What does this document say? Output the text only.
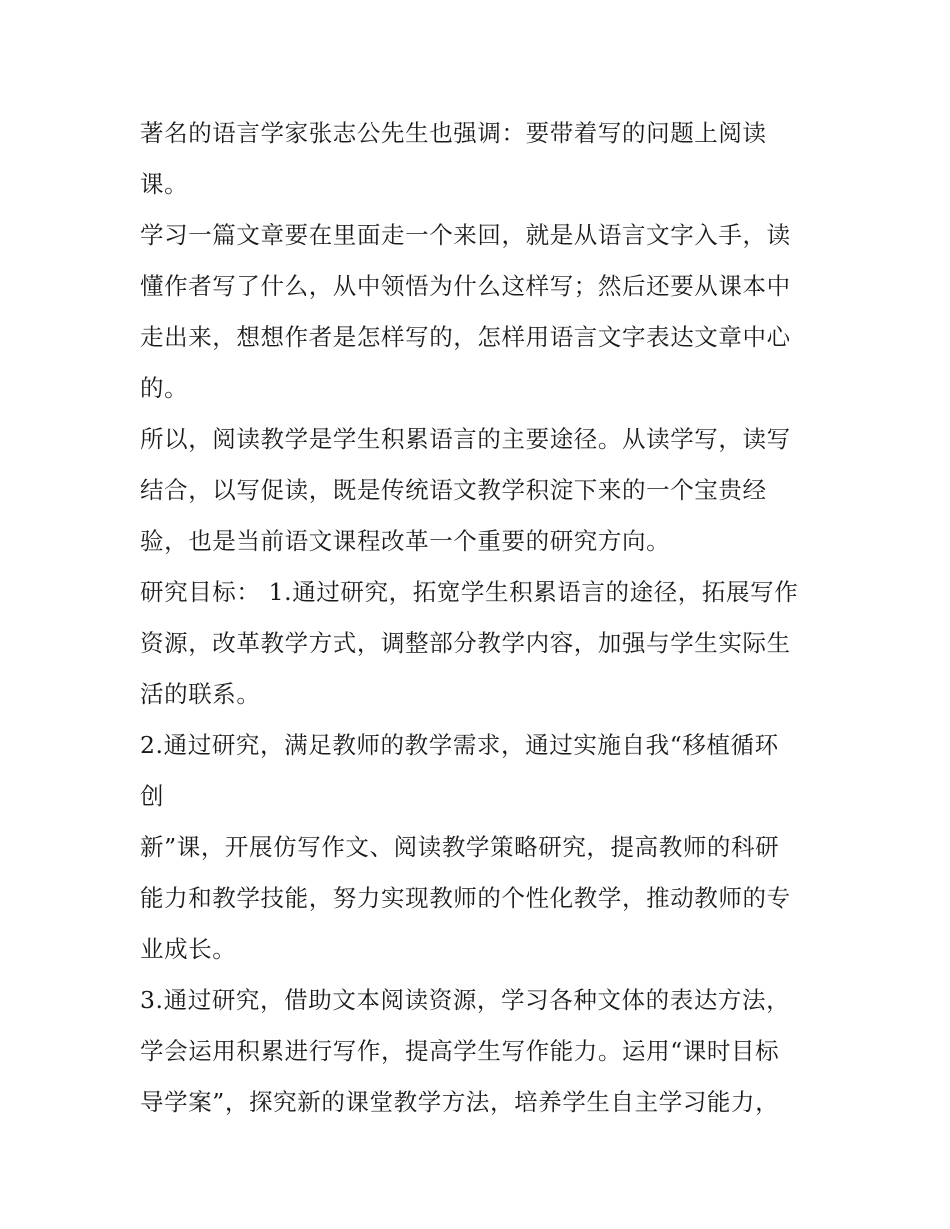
著名的语言学家张志公先生也强调：要带着写的问题上阅读
课。
学习一篇文章要在里面走一个来回，就是从语言文字入手，读
懂作者写了什么，从中领悟为什么这样写；然后还要从课本中
走出来，想想作者是怎样写的，怎样用语言文字表达文章中心
的。
所以，阅读教学是学生积累语言的主要途径。从读学写，读写
结合，以写促读，既是传统语文教学积淀下来的一个宝贵经
验，也是当前语文课程改革一个重要的研究方向。
研究目标： 1.通过研究，拓宽学生积累语言的途径，拓展写作
资源，改革教学方式，调整部分教学内容，加强与学生实际生
活的联系。
2.通过研究，满足教师的教学需求，通过实施自我“移植循环
创
新”课，开展仿写作文、阅读教学策略研究，提高教师的科研
能力和教学技能，努力实现教师的个性化教学，推动教师的专
业成长。
3.通过研究，借助文本阅读资源，学习各种文体的表达方法，
学会运用积累进行写作，提高学生写作能力。运用“课时目标
导学案”，探究新的课堂教学方法，培养学生自主学习能力，
